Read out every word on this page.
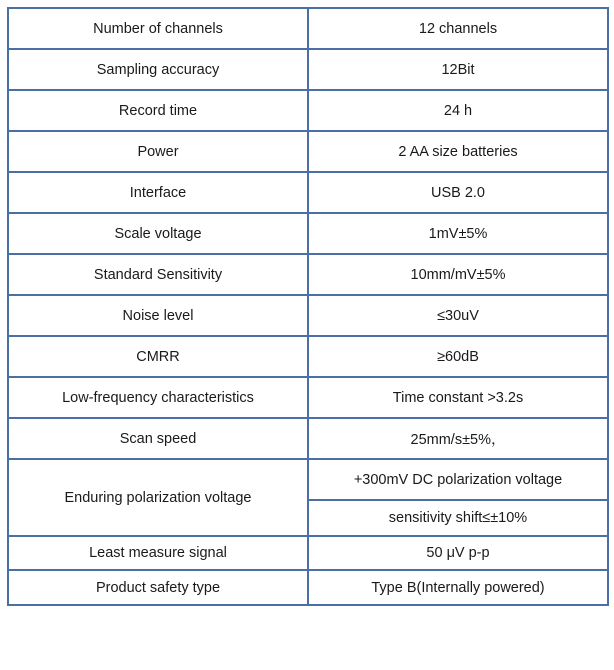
Number of channels	12 channels
Sampling accuracy	12Bit
Record time	24 h
Power	2 AA size batteries
Interface	USB 2.0
Scale voltage	1mV±5%
Standard Sensitivity	10mm/mV±5%
Noise level	≤30uV
CMRR	≥60dB
Low-frequency characteristics	Time constant >3.2s
Scan speed	25mm/s±5%，
Enduring polarization voltage	+300mV DC polarization voltage
	sensitivity shift≤±10%
Least measure signal	50 μV p-p
Product safety type	Type B(Internally powered)
